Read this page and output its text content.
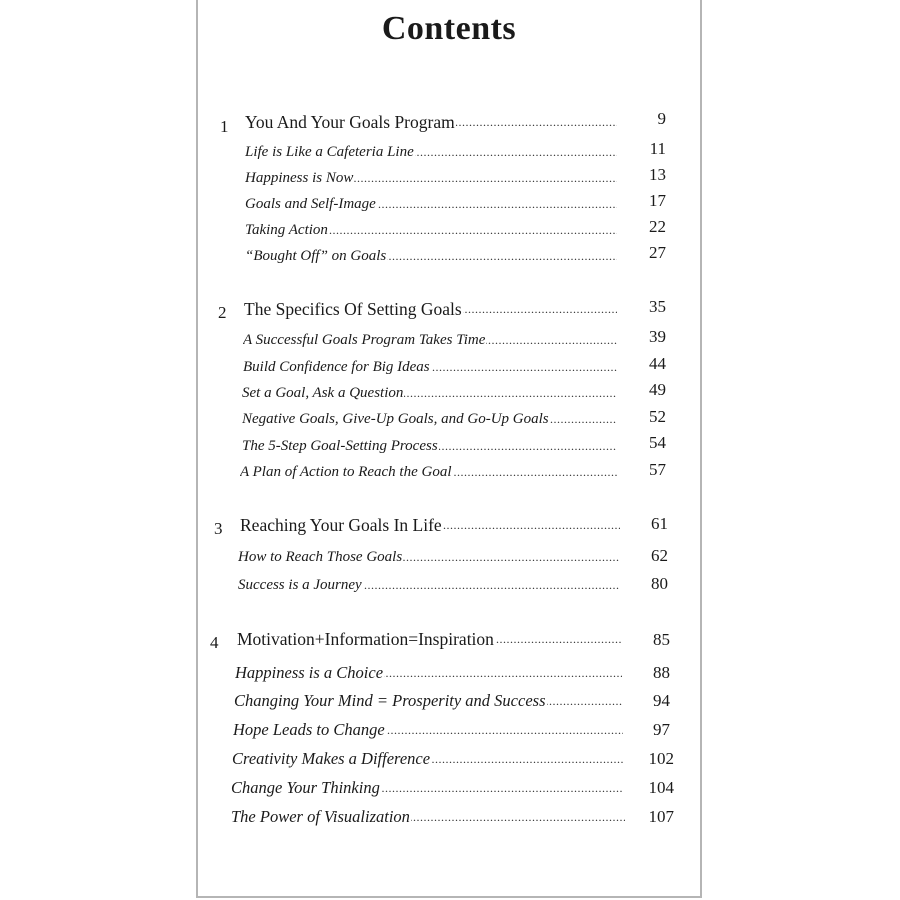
Contents
1 You And Your Goals Program .....	9
Life is Like a Cafeteria Line .....	11
Happiness is Now .....	13
Goals and Self-Image .....	17
Taking Action .....	22
“Bought Off” on Goals .....	27
2 The Specifics Of Setting Goals .....	35
A Successful Goals Program Takes Time .....	39
Build Confidence for Big Ideas .....	44
Set a Goal, Ask a Question .....	49
Negative Goals, Give-Up Goals, and Go-Up Goals .....	52
The 5-Step Goal-Setting Process .....	54
A Plan of Action to Reach the Goal .....	57
3 Reaching Your Goals In Life .....	61
How to Reach Those Goals .....	62
Success is a Journey .....	80
4 Motivation+Information=Inspiration .....	85
Happiness is a Choice .....	88
Changing Your Mind = Prosperity and Success .....	94
Hope Leads to Change .....	97
Creativity Makes a Difference .....	102
Change Your Thinking .....	104
The Power of Visualization .....	107
